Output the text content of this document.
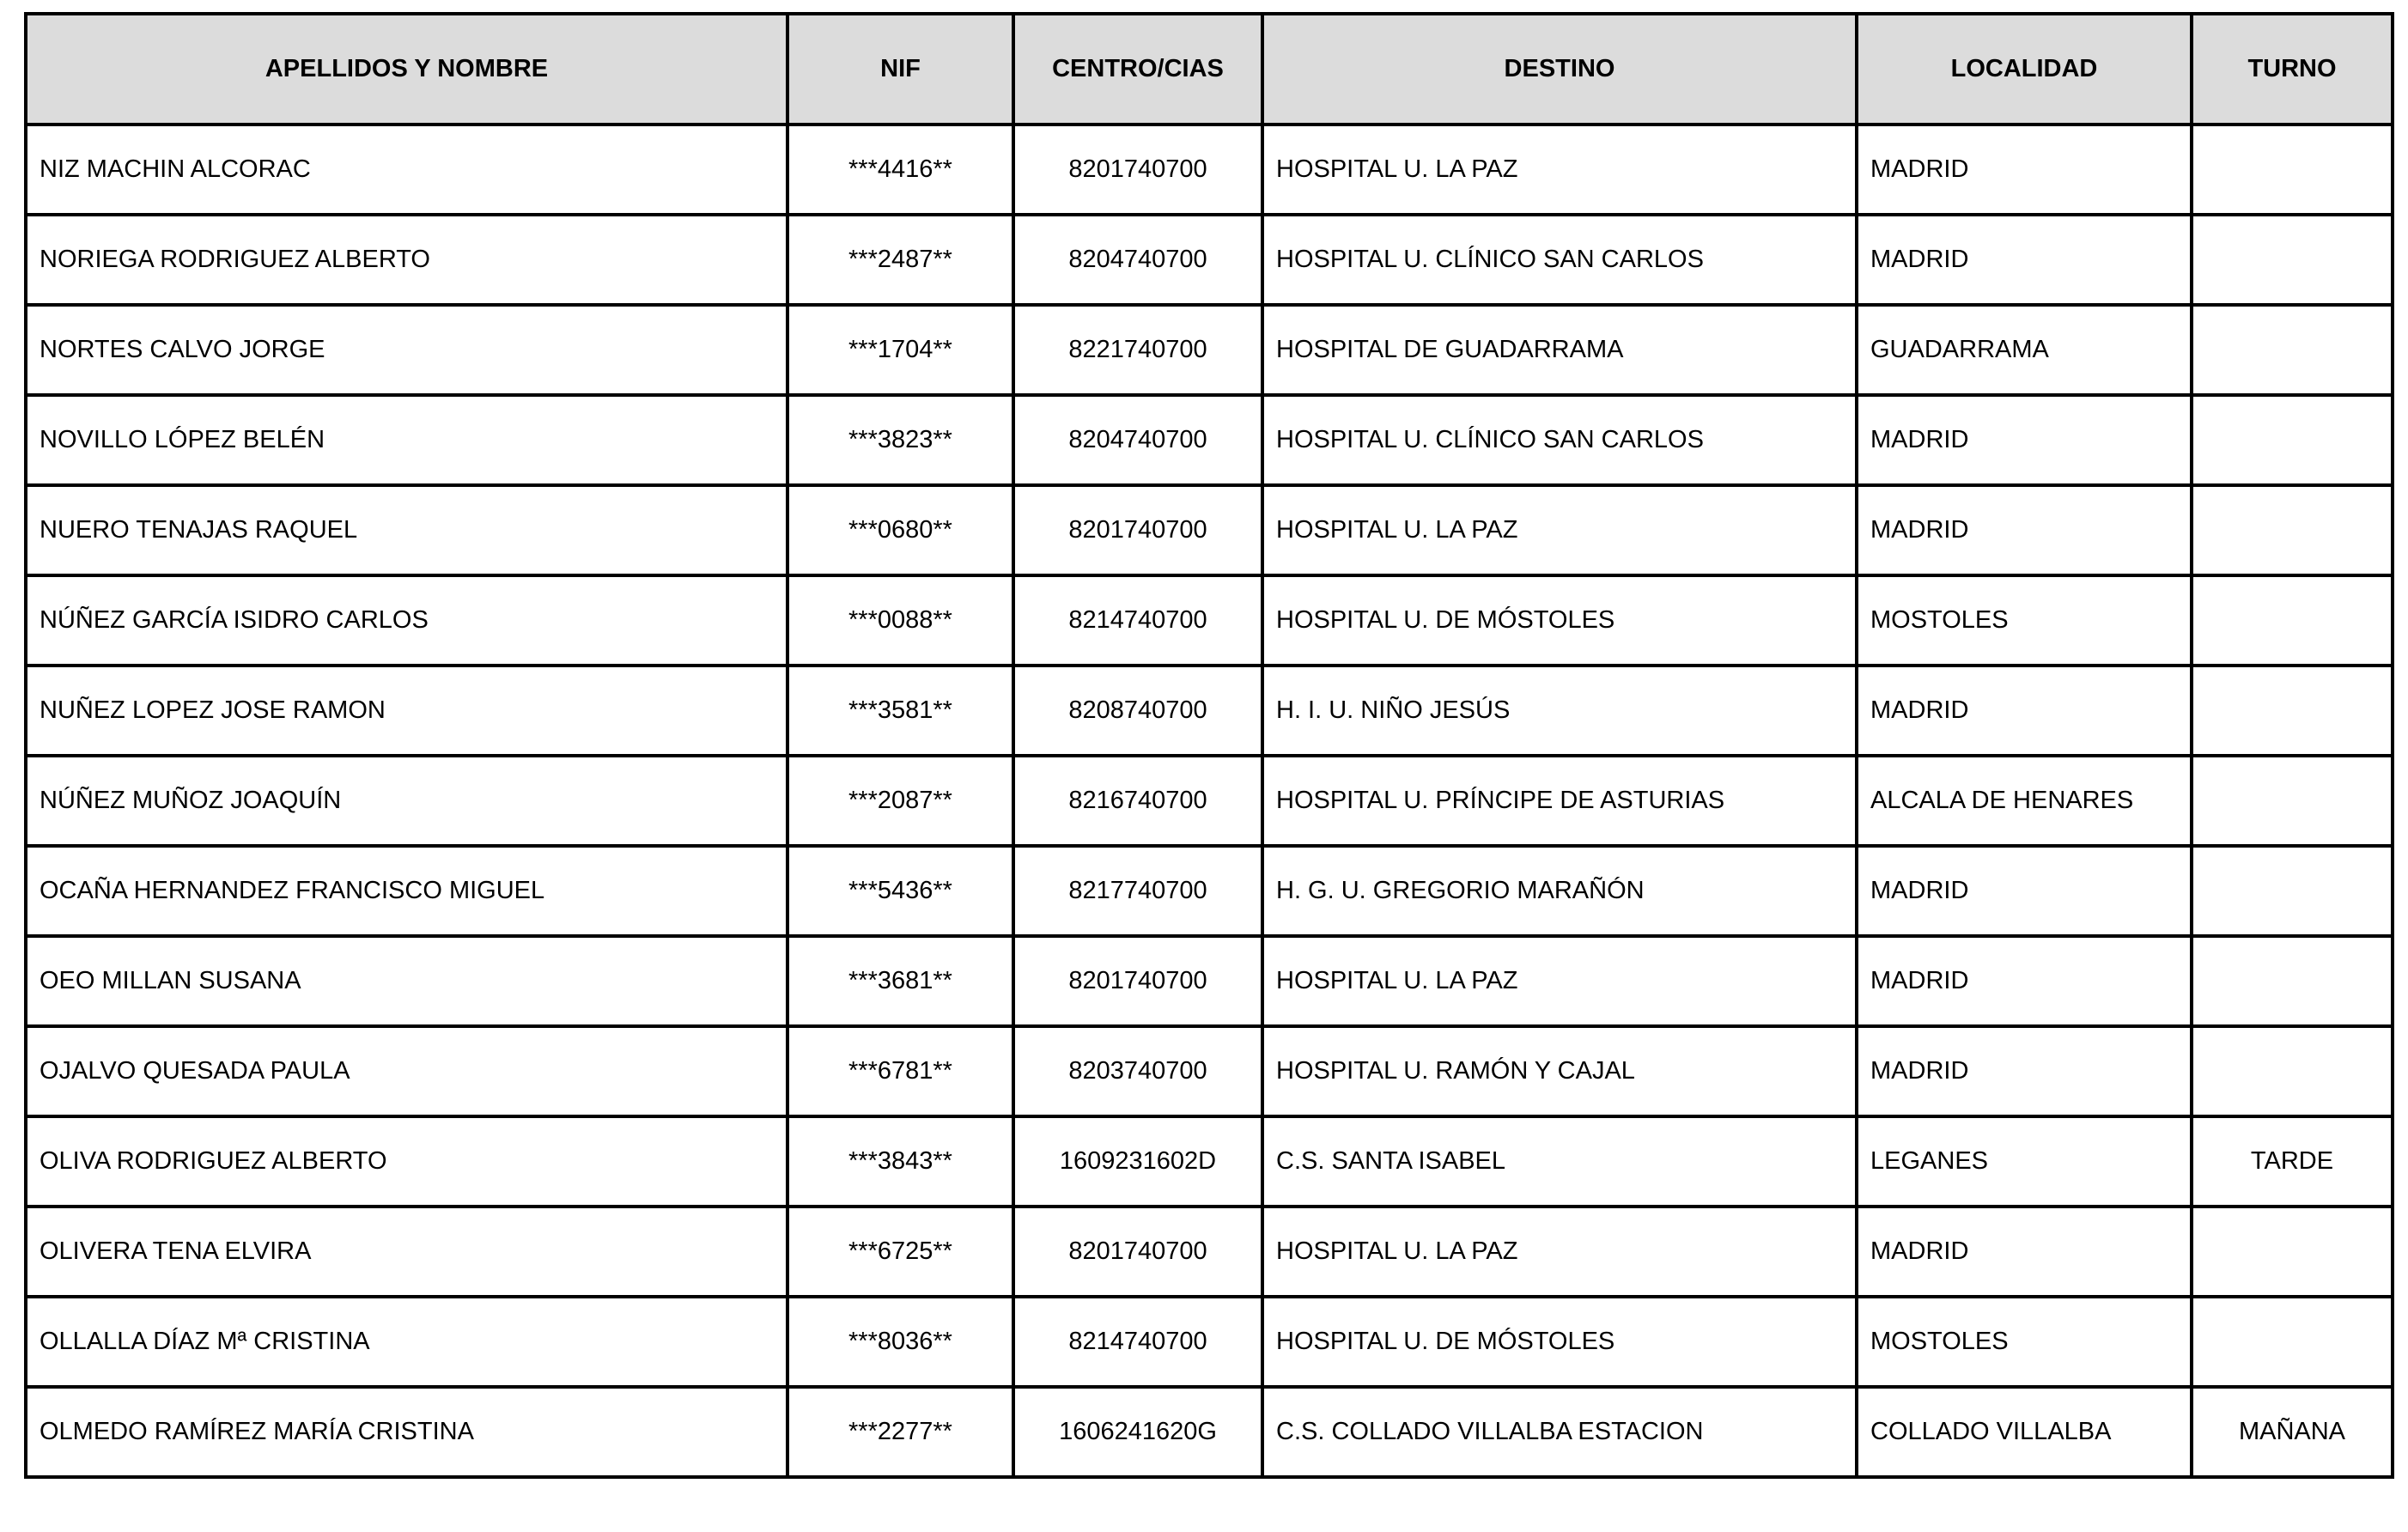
APELLIDOS Y NOMBRE	NIF	CENTRO/CIAS	DESTINO	LOCALIDAD	TURNO
NIZ MACHIN ALCORAC	***4416**	8201740700	HOSPITAL U. LA PAZ	MADRID	
NORIEGA RODRIGUEZ ALBERTO	***2487**	8204740700	HOSPITAL U. CLÍNICO SAN CARLOS	MADRID	
NORTES CALVO JORGE	***1704**	8221740700	HOSPITAL DE GUADARRAMA	GUADARRAMA	
NOVILLO LÓPEZ BELÉN	***3823**	8204740700	HOSPITAL U. CLÍNICO SAN CARLOS	MADRID	
NUERO TENAJAS RAQUEL	***0680**	8201740700	HOSPITAL U. LA PAZ	MADRID	
NÚÑEZ GARCÍA ISIDRO CARLOS	***0088**	8214740700	HOSPITAL U. DE MÓSTOLES	MOSTOLES	
NUÑEZ LOPEZ JOSE RAMON	***3581**	8208740700	H. I. U. NIÑO JESÚS	MADRID	
NÚÑEZ MUÑOZ JOAQUÍN	***2087**	8216740700	HOSPITAL U. PRÍNCIPE DE ASTURIAS	ALCALA DE HENARES	
OCAÑA HERNANDEZ FRANCISCO MIGUEL	***5436**	8217740700	H. G. U. GREGORIO MARAÑÓN	MADRID	
OEO MILLAN SUSANA	***3681**	8201740700	HOSPITAL U. LA PAZ	MADRID	
OJALVO QUESADA PAULA	***6781**	8203740700	HOSPITAL U. RAMÓN Y CAJAL	MADRID	
OLIVA RODRIGUEZ ALBERTO	***3843**	1609231602D	C.S. SANTA ISABEL	LEGANES	TARDE
OLIVERA TENA ELVIRA	***6725**	8201740700	HOSPITAL U. LA PAZ	MADRID	
OLLALLA DÍAZ Mª CRISTINA	***8036**	8214740700	HOSPITAL U. DE MÓSTOLES	MOSTOLES	
OLMEDO RAMÍREZ MARÍA CRISTINA	***2277**	1606241620G	C.S. COLLADO VILLALBA ESTACION	COLLADO VILLALBA	MAÑANA
